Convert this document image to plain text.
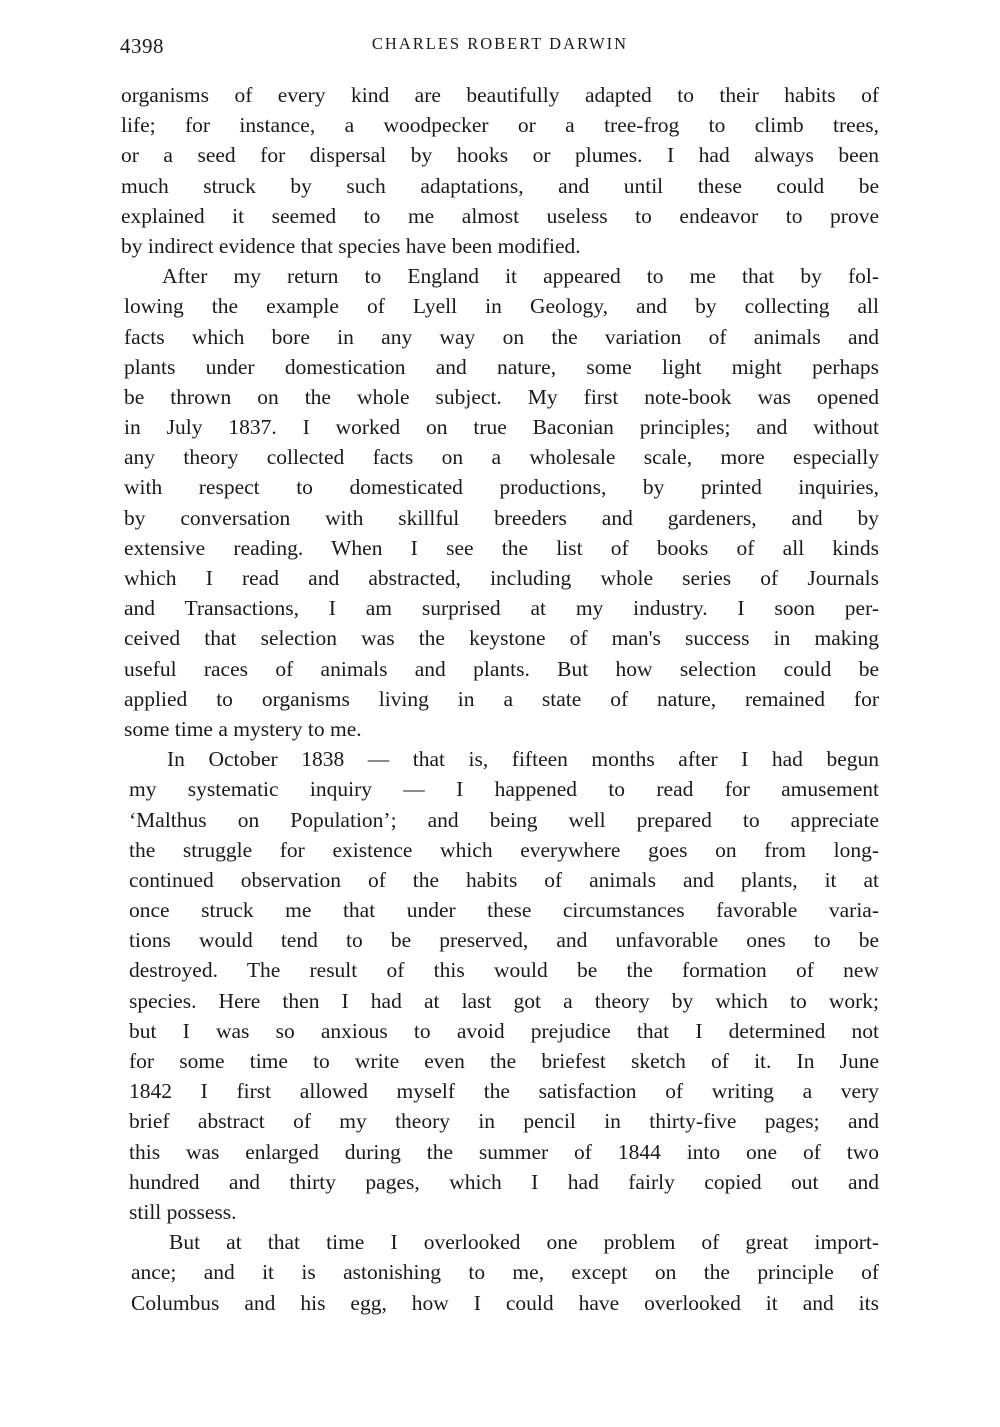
4398	CHARLES ROBERT DARWIN
organisms of every kind are beautifully adapted to their habits of
life; for instance, a woodpecker or a tree-frog to climb trees,
or a seed for dispersal by hooks or plumes. I had always been
much struck by such adaptations, and until these could be
explained it seemed to me almost useless to endeavor to prove
by indirect evidence that species have been modified.
After my return to England it appeared to me that by fol-
lowing the example of Lyell in Geology, and by collecting all
facts which bore in any way on the variation of animals and
plants under domestication and nature, some light might perhaps
be thrown on the whole subject. My first note-book was opened
in July 1837. I worked on true Baconian principles; and without
any theory collected facts on a wholesale scale, more especially
with respect to domesticated productions, by printed inquiries,
by conversation with skillful breeders and gardeners, and by
extensive reading. When I see the list of books of all kinds
which I read and abstracted, including whole series of Journals
and Transactions, I am surprised at my industry. I soon per-
ceived that selection was the keystone of man's success in making
useful races of animals and plants. But how selection could be
applied to organisms living in a state of nature, remained for
some time a mystery to me.
In October 1838 — that is, fifteen months after I had begun
my systematic inquiry — I happened to read for amusement
‘Malthus on Population’; and being well prepared to appreciate
the struggle for existence which everywhere goes on from long-
continued observation of the habits of animals and plants, it at
once struck me that under these circumstances favorable varia-
tions would tend to be preserved, and unfavorable ones to be
destroyed. The result of this would be the formation of new
species. Here then I had at last got a theory by which to work;
but I was so anxious to avoid prejudice that I determined not
for some time to write even the briefest sketch of it. In June
1842 I first allowed myself the satisfaction of writing a very
brief abstract of my theory in pencil in thirty-five pages; and
this was enlarged during the summer of 1844 into one of two
hundred and thirty pages, which I had fairly copied out and
still possess.
But at that time I overlooked one problem of great import-
ance; and it is astonishing to me, except on the principle of
Columbus and his egg, how I could have overlooked it and its
